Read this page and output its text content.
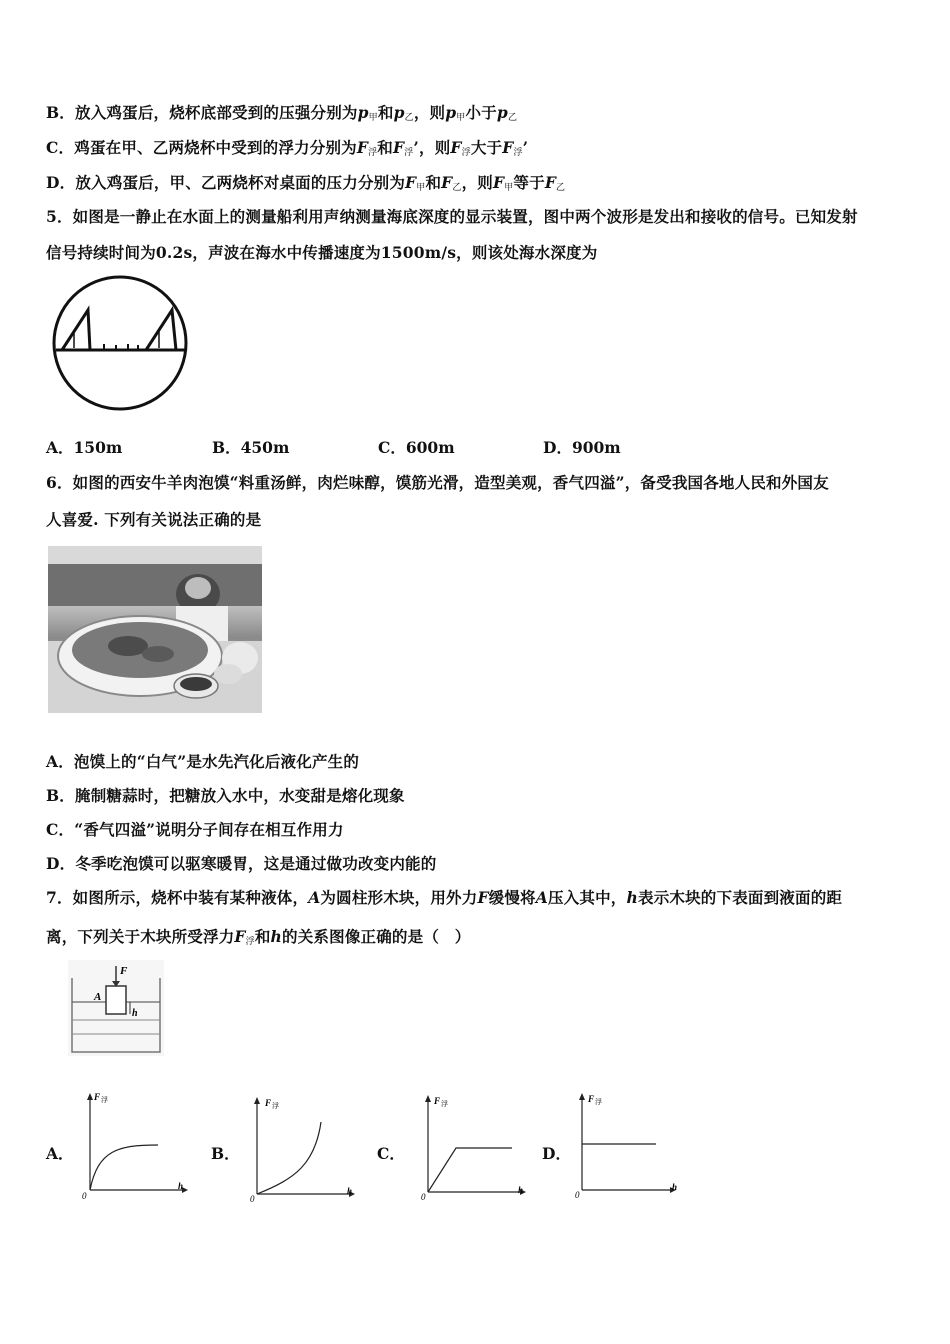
B．放入鸡蛋后，烧杯底部受到的压强分别为p甲和p乙，则p甲小于p乙
C．鸡蛋在甲、乙两烧杯中受到的浮力分别为F浮和F浮’，则F浮大于F浮’
D．放入鸡蛋后，甲、乙两烧杯对桌面的压力分别为F甲和F乙，则F甲等于F乙
5．如图是一静止在水面上的测量船利用声纳测量海底深度的显示装置，图中两个波形是发出和接收的信号。已知发射
信号持续时间为0.2s，声波在海水中传播速度为1500m/s，则该处海水深度为
A．150m	B．450m	C．600m	D．900m
6．如图的西安牛羊肉泡馍“料重汤鲜，肉烂味醇，馍筋光滑，造型美观，香气四溢”，备受我国各地人民和外国友
人喜爱. 下列有关说法正确的是
A．泡馍上的“白气”是水先汽化后液化产生的
B．腌制糖蒜时，把糖放入水中，水变甜是熔化现象
C．“香气四溢”说明分子间存在相互作用力
D．冬季吃泡馍可以驱寒暖胃，这是通过做功改变内能的
7．如图所示，烧杯中装有某种液体，A为圆柱形木块，用外力F缓慢将A压入其中，h表示木块的下表面到液面的距
离，下列关于木块所受浮力F浮和h的关系图像正确的是（　）
F
A
h
A．	B．	C．	D．
F 浮
h
0
F 浮
h
0
F 浮
h
0
F 浮
h
0
